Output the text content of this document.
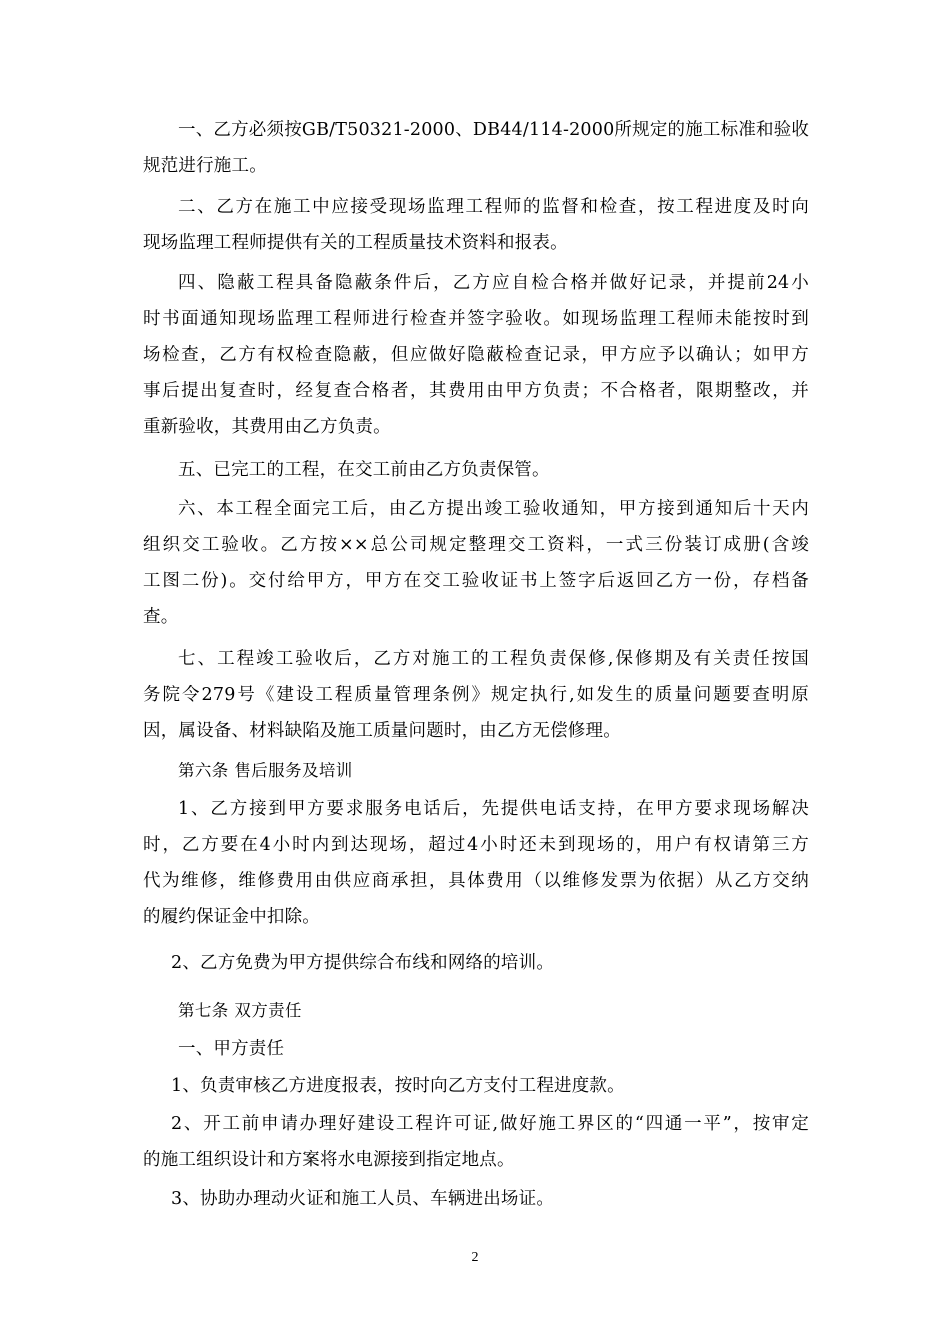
一、乙方必须按GB/T50321-2000、DB44/114-2000所规定的施工标准和验收
规范进行施工。
二、乙方在施工中应接受现场监理工程师的监督和检查，按工程进度及时向
现场监理工程师提供有关的工程质量技术资料和报表。
四、隐蔽工程具备隐蔽条件后，乙方应自检合格并做好记录，并提前24小
时书面通知现场监理工程师进行检查并签字验收。如现场监理工程师未能按时到
场检查，乙方有权检查隐蔽，但应做好隐蔽检查记录，甲方应予以确认；如甲方
事后提出复查时，经复查合格者，其费用由甲方负责；不合格者，限期整改，并
重新验收，其费用由乙方负责。
五、已完工的工程，在交工前由乙方负责保管。
六、本工程全面完工后，由乙方提出竣工验收通知，甲方接到通知后十天内
组织交工验收。乙方按××总公司规定整理交工资料，一式三份装订成册(含竣
工图二份)。交付给甲方，甲方在交工验收证书上签字后返回乙方一份，存档备
查。
七、工程竣工验收后，乙方对施工的工程负责保修,保修期及有关责任按国
务院令279号《建设工程质量管理条例》规定执行,如发生的质量问题要查明原
因，属设备、材料缺陷及施工质量问题时，由乙方无偿修理。
第六条 售后服务及培训
1、乙方接到甲方要求服务电话后，先提供电话支持，在甲方要求现场解决
时，乙方要在4小时内到达现场，超过4小时还未到现场的，用户有权请第三方
代为维修，维修费用由供应商承担，具体费用（以维修发票为依据）从乙方交纳
的履约保证金中扣除。
2、乙方免费为甲方提供综合布线和网络的培训。
第七条 双方责任
一、甲方责任
1、负责审核乙方进度报表，按时向乙方支付工程进度款。
2、开工前申请办理好建设工程许可证,做好施工界区的“四通一平”，按审定
的施工组织设计和方案将水电源接到指定地点。
3、协助办理动火证和施工人员、车辆进出场证。
2
